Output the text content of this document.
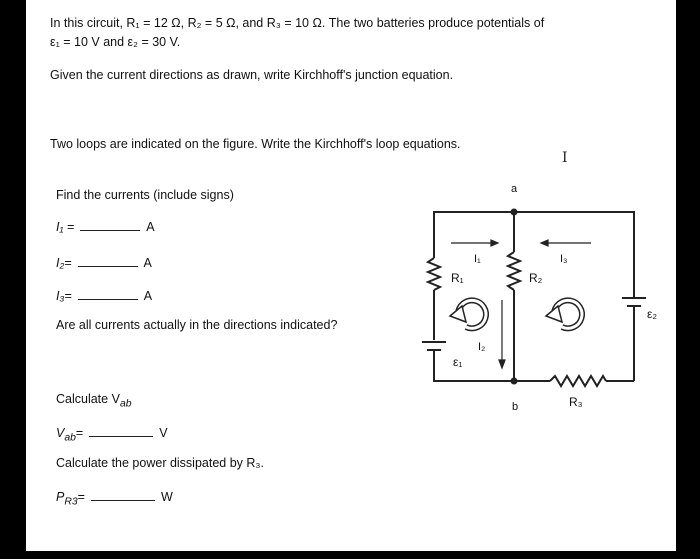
In this circuit, R₁ = 12 Ω, R₂ = 5 Ω, and R₃ = 10 Ω. The two batteries produce potentials of
ε₁ = 10 V and ε₂ = 30 V.
Given the current directions as drawn, write Kirchhoff's junction equation.
Two loops are indicated on the figure. Write the Kirchhoff's loop equations.
Find the currents (include signs)
I₁ =	A
I₂=	A
I₃=	A
Are all currents actually in the directions indicated?
Calculate $V_{ab}$
$V_{ab}=$	V
Calculate the power dissipated by R₃.
$P_{R3}=$	W
I
a
b
I₁	I₃
I₂
R₁	R₂
R₃
ε₁
ε₂
